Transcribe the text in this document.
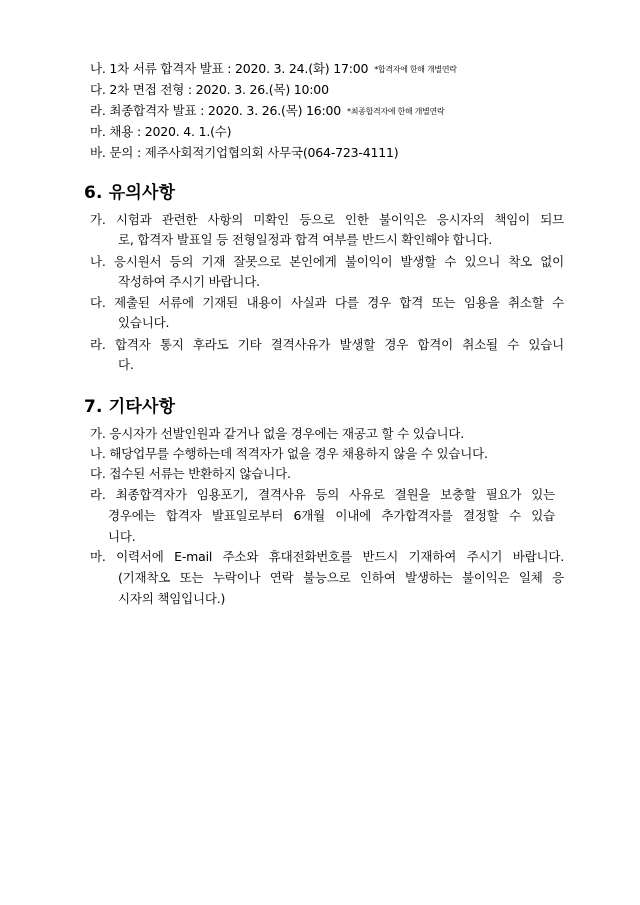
나. 1차 서류 합격자 발표 : 2020. 3. 24.(화) 17:00 *합격자에 한해 개별연락
다. 2차 면접 전형 : 2020. 3. 26.(목) 10:00
라. 최종합격자 발표 : 2020. 3. 26.(목) 16:00 *최종합격자에 한해 개별연락
마. 채용 : 2020. 4. 1.(수)
바. 문의 : 제주사회적기업협의회 사무국(064-723-4111)
6. 유의사항
가. 시험과 관련한 사항의 미확인 등으로 인한 불이익은 응시자의 책임이 되므
로, 합격자 발표일 등 전형일정과 합격 여부를 반드시 확인해야 합니다.
나. 응시원서 등의 기재 잘못으로 본인에게 불이익이 발생할 수 있으니 착오 없이
작성하여 주시기 바랍니다.
다. 제출된 서류에 기재된 내용이 사실과 다를 경우 합격 또는 임용을 취소할 수
있습니다.
라. 합격자 통지 후라도 기타 결격사유가 발생할 경우 합격이 취소될 수 있습니
다.
7. 기타사항
가. 응시자가 선발인원과 같거나 없을 경우에는 재공고 할 수 있습니다.
나. 해당업무를 수행하는데 적격자가 없을 경우 채용하지 않을 수 있습니다.
다. 접수된 서류는 반환하지 않습니다.
라. 최종합격자가 임용포기, 결격사유 등의 사유로 결원을 보충할 필요가 있는
경우에는 합격자 발표일로부터 6개월 이내에 추가합격자를 결정할 수 있습
니다.
마. 이력서에 E-mail 주소와 휴대전화번호를 반드시 기재하여 주시기 바랍니다.
(기재착오 또는 누락이나 연락 불능으로 인하여 발생하는 불이익은 일체 응
시자의 책임입니다.)
